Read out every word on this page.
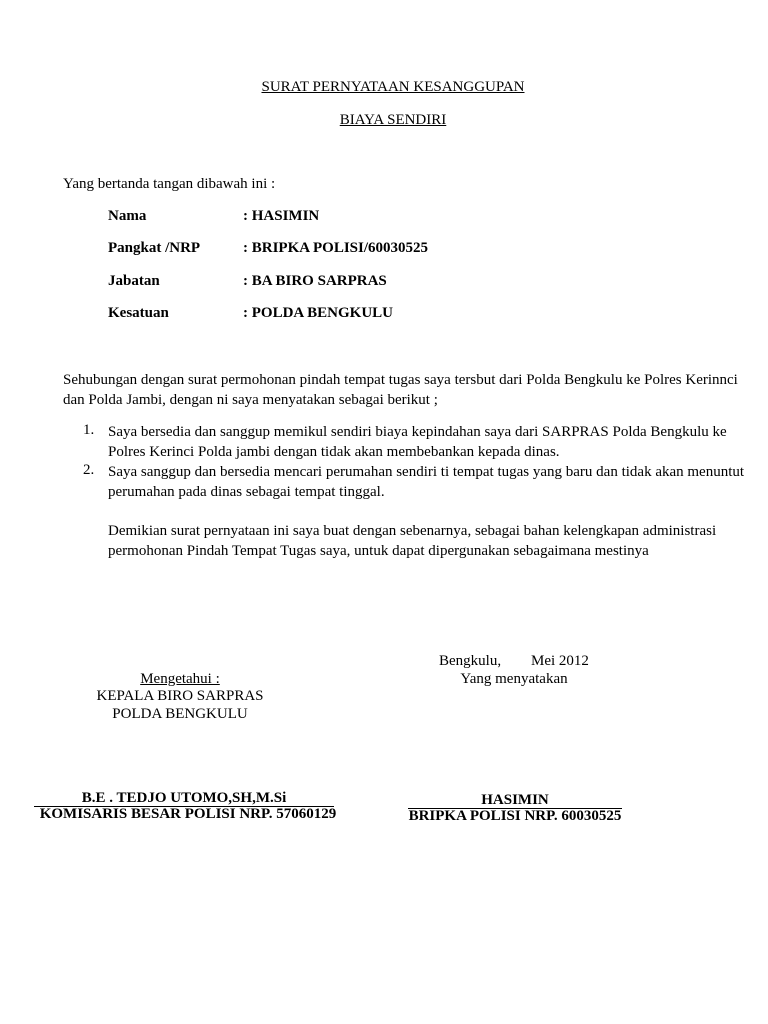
SURAT PERNYATAAN KESANGGUPAN
BIAYA SENDIRI
Yang bertanda tangan dibawah ini :
Nama	: HASIMIN
Pangkat /NRP	: BRIPKA POLISI/60030525
Jabatan	: BA BIRO SARPRAS
Kesatuan	: POLDA BENGKULU
Sehubungan dengan surat permohonan pindah tempat tugas saya tersbut dari Polda Bengkulu ke Polres Kerinnci dan Polda Jambi, dengan ni saya menyatakan sebagai berikut ;
1. Saya bersedia dan sanggup memikul sendiri biaya kepindahan saya dari SARPRAS Polda Bengkulu ke Polres Kerinci Polda jambi dengan tidak akan membebankan kepada dinas.
2. Saya sanggup dan bersedia mencari perumahan sendiri ti tempat tugas yang baru dan tidak akan menuntut perumahan pada dinas sebagai tempat tinggal.
Demikian surat pernyataan ini saya buat dengan sebenarnya, sebagai bahan kelengkapan administrasi permohonan Pindah Tempat Tugas saya, untuk dapat dipergunakan sebagaimana mestinya
Bengkulu, Mei 2012
Yang menyatakan
Mengetahui :
KEPALA BIRO SARPRAS
POLDA BENGKULU
B.E . TEDJO UTOMO,SH,M.Si
KOMISARIS BESAR POLISI NRP. 57060129
HASIMIN
BRIPKA POLISI NRP. 60030525
